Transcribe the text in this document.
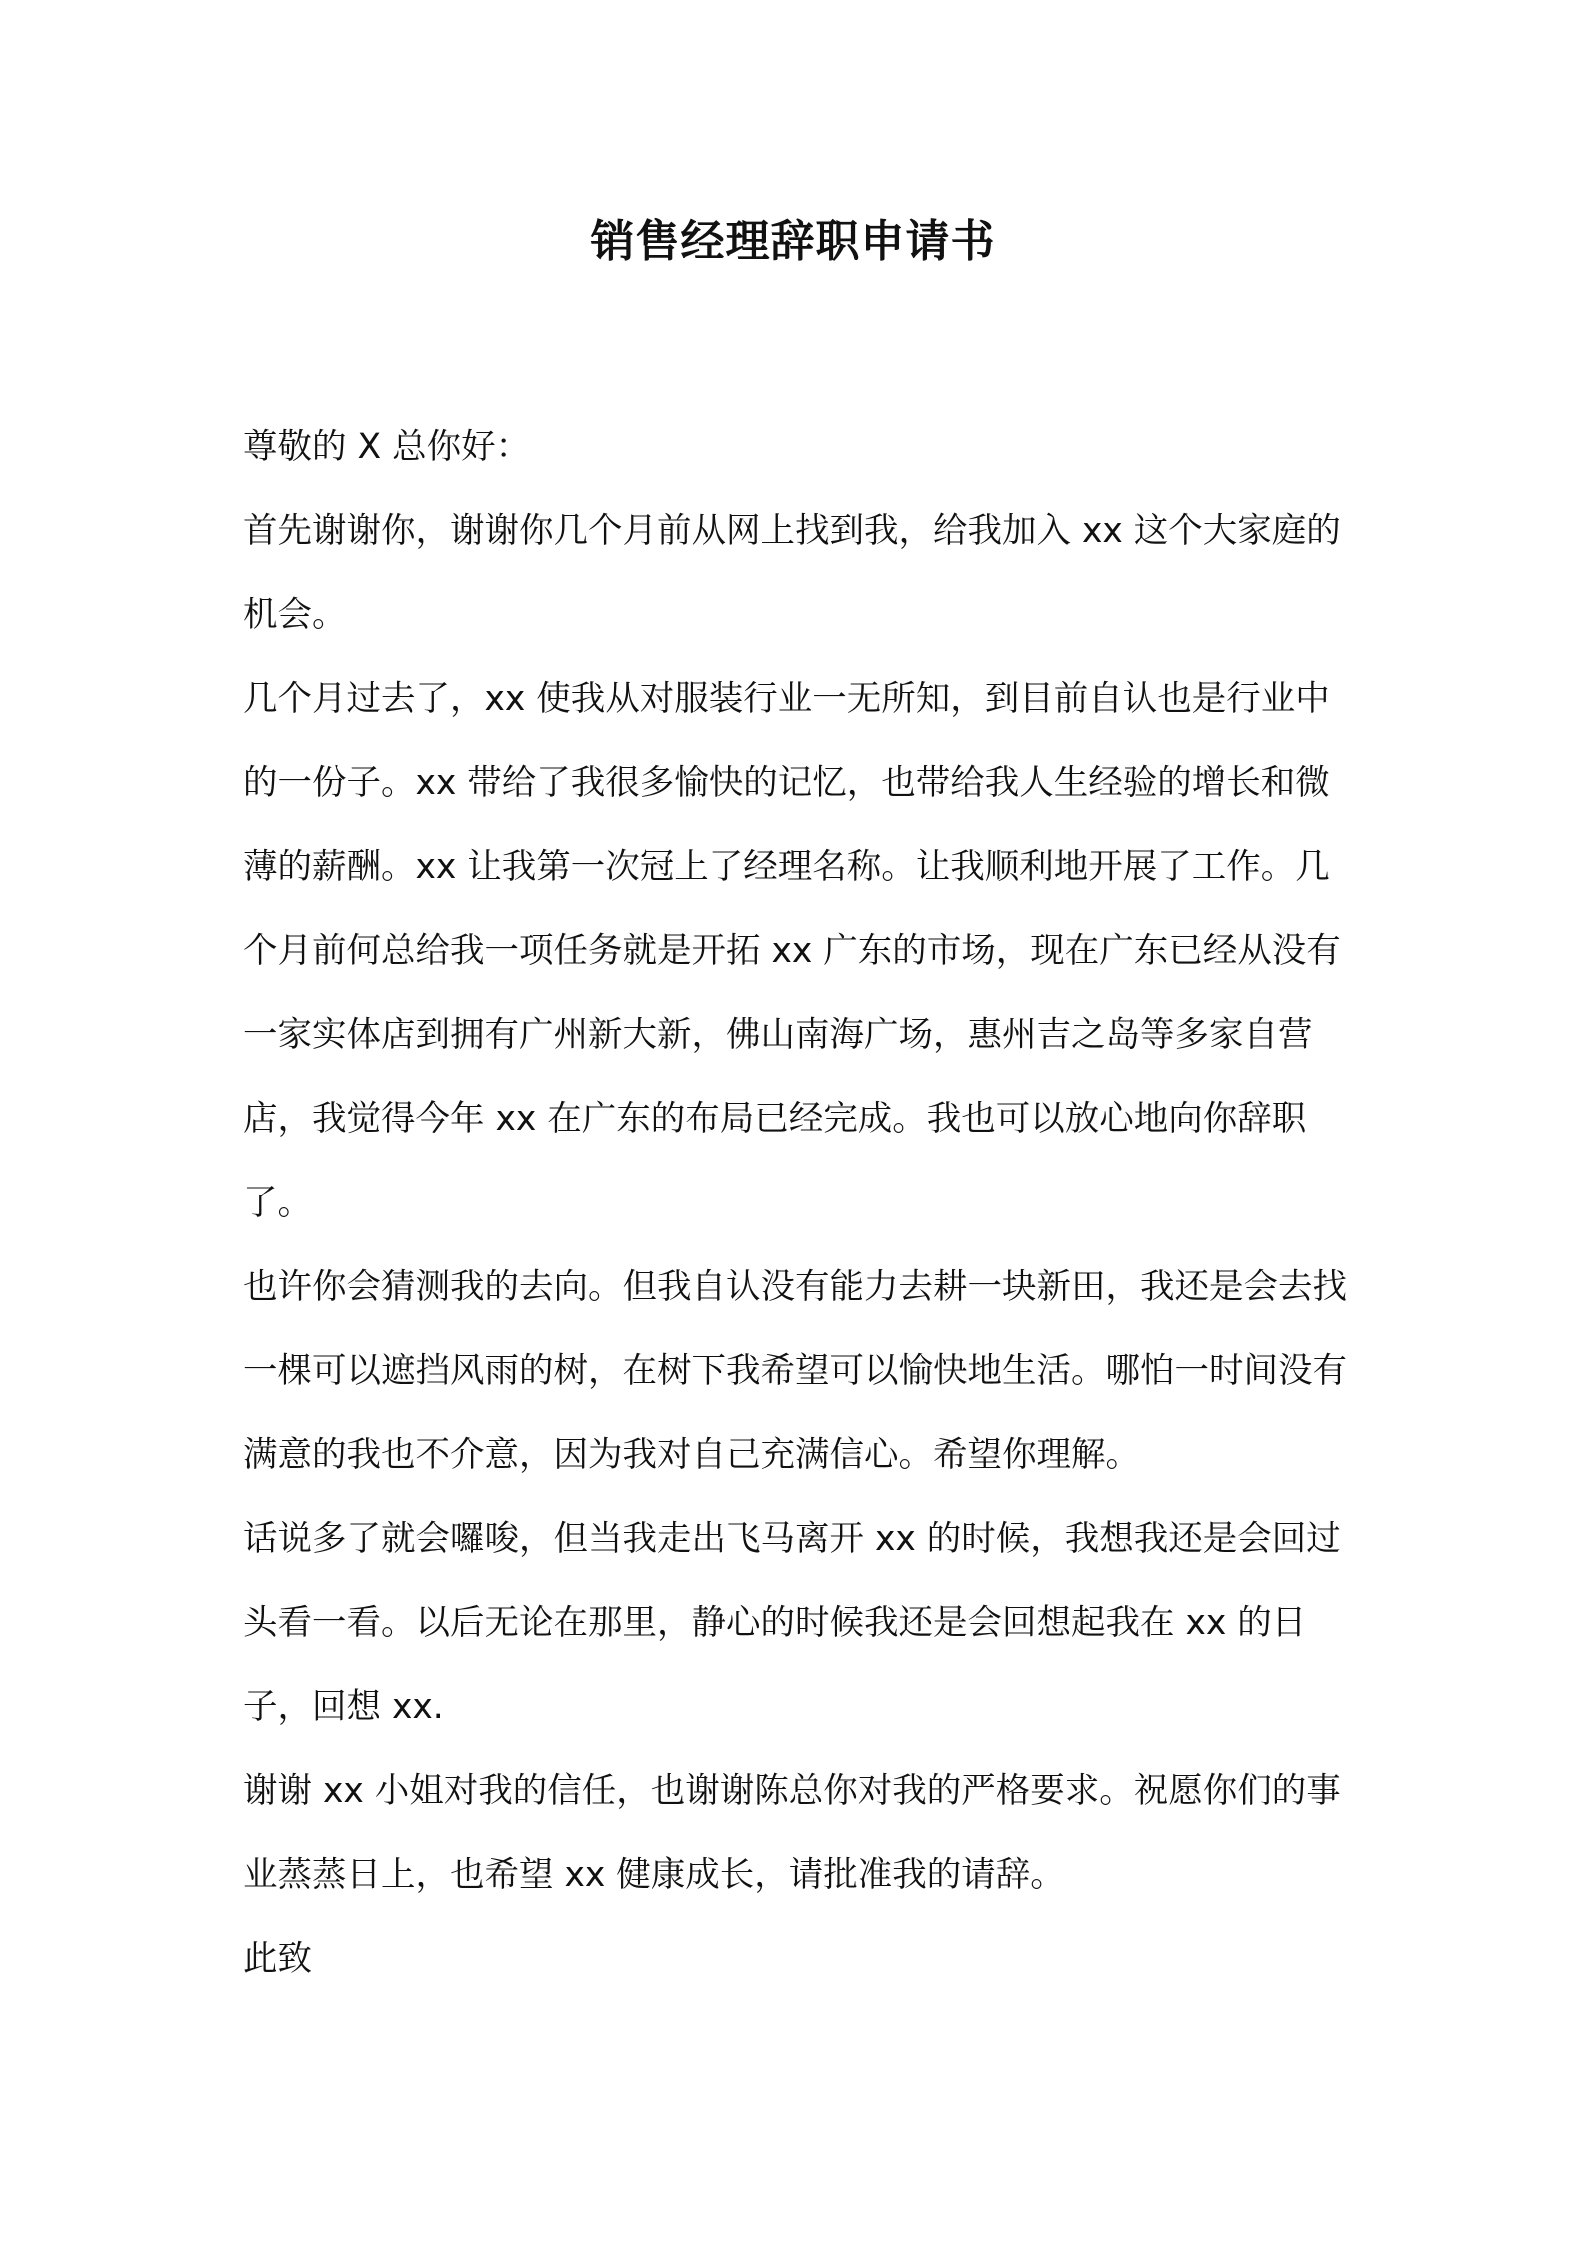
销售经理辞职申请书

尊敬的 X 总你好：

首先谢谢你，谢谢你几个月前从网上找到我，给我加入 xx 这个大家庭的机会。

几个月过去了，xx 使我从对服装行业一无所知，到目前自认也是行业中的一份子。xx 带给了我很多愉快的记忆，也带给我人生经验的增长和微薄的薪酬。xx 让我第一次冠上了经理名称。让我顺利地开展了工作。几个月前何总给我一项任务就是开拓 xx 广东的市场，现在广东已经从没有一家实体店到拥有广州新大新，佛山南海广场，惠州吉之岛等多家自营店，我觉得今年 xx 在广东的布局已经完成。我也可以放心地向你辞职了。

也许你会猜测我的去向。但我自认没有能力去耕一块新田，我还是会去找一棵可以遮挡风雨的树，在树下我希望可以愉快地生活。哪怕一时间没有满意的我也不介意，因为我对自己充满信心。希望你理解。

话说多了就会囉唆，但当我走出飞马离开 xx 的时候，我想我还是会回过头看一看。以后无论在那里，静心的时候我还是会回想起我在 xx 的日子，回想 xx.

谢谢 xx 小姐对我的信任，也谢谢陈总你对我的严格要求。祝愿你们的事业蒸蒸日上，也希望 xx 健康成长，请批准我的请辞。

此致
